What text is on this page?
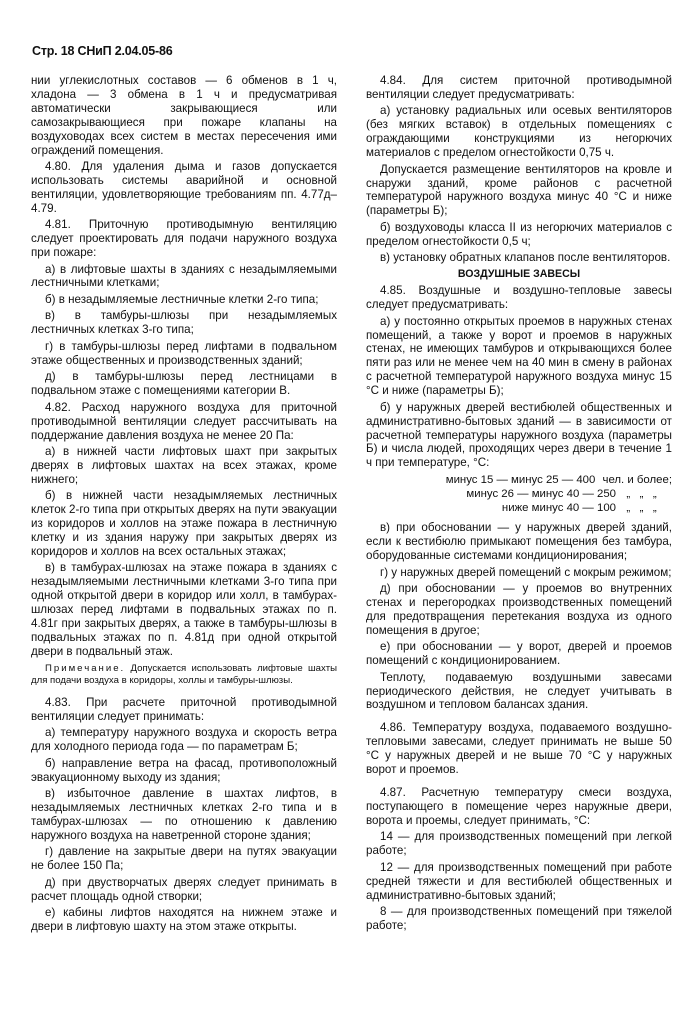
Стр. 18 СНиП 2.04.05-86

нии углекислотных составов — 6 обменов в 1 ч, хладона — 3 обмена в 1 ч и предусматривая автоматически закрывающиеся или самозакрывающиеся при пожаре клапаны на воздуховодах всех систем в местах пересечения ими ограждений помещения.

4.80. Для удаления дыма и газов допускается использовать системы аварийной и основной вентиляции, удовлетворяющие требованиям пп. 4.77д–4.79.

4.81. Приточную противодымную вентиляцию следует проектировать для подачи наружного воздуха при пожаре:

а) в лифтовые шахты в зданиях с незадымляемыми лестничными клетками;

б) в незадымляемые лестничные клетки 2-го типа;

в) в тамбуры-шлюзы при незадымляемых лестничных клетках 3-го типа;

г) в тамбуры-шлюзы перед лифтами в подвальном этаже общественных и производственных зданий;

д) в тамбуры-шлюзы перед лестницами в подвальном этаже с помещениями категории В.

4.82. Расход наружного воздуха для приточной противодымной вентиляции следует рассчитывать на поддержание давления воздуха не менее 20 Па:

а) в нижней части лифтовых шахт при закрытых дверях в лифтовых шахтах на всех этажах, кроме нижнего;

б) в нижней части незадымляемых лестничных клеток 2-го типа при открытых дверях на пути эвакуации из коридоров и холлов на этаже пожара в лестничную клетку и из здания наружу при закрытых дверях из коридоров и холлов на всех остальных этажах;

в) в тамбурах-шлюзах на этаже пожара в зданиях с незадымляемыми лестничными клетками 3-го типа при одной открытой двери в коридор или холл, в тамбурах-шлюзах перед лифтами в подвальных этажах по п. 4.81г при закрытых дверях, а также в тамбуры-шлюзы в подвальных этажах по п. 4.81д при одной открытой двери в подвальный этаж.

Примечание. Допускается использовать лифтовые шахты для подачи воздуха в коридоры, холлы и тамбуры-шлюзы.

4.83. При расчете приточной противодымной вентиляции следует принимать:

а) температуру наружного воздуха и скорость ветра для холодного периода года — по параметрам Б;

б) направление ветра на фасад, противоположный эвакуационному выходу из здания;

в) избыточное давление в шахтах лифтов, в незадымляемых лестничных клетках 2-го типа и в тамбурах-шлюзах — по отношению к давлению наружного воздуха на наветренной стороне здания;

г) давление на закрытые двери на путях эвакуации не более 150 Па;

д) при двустворчатых дверях следует принимать в расчет площадь одной створки;

е) кабины лифтов находятся на нижнем этаже и двери в лифтовую шахту на этом этаже открыты.

4.84. Для систем приточной противодымной вентиляции следует предусматривать:

а) установку радиальных или осевых вентиляторов (без мягких вставок) в отдельных помещениях с ограждающими конструкциями из негорючих материалов с пределом огнестойкости 0,75 ч.

Допускается размещение вентиляторов на кровле и снаружи зданий, кроме районов с расчетной температурой наружного воздуха минус 40 °С и ниже (параметры Б);

б) воздуховоды класса II из негорючих материалов с пределом огнестойкости 0,5 ч;

в) установку обратных клапанов после вентиляторов.

ВОЗДУШНЫЕ ЗАВЕСЫ

4.85. Воздушные и воздушно-тепловые завесы следует предусматривать:

а) у постоянно открытых проемов в наружных стенах помещений, а также у ворот и проемов в наружных стенах, не имеющих тамбуров и открывающихся более пяти раз или не менее чем на 40 мин в смену в районах с расчетной температурой наружного воздуха минус 15 °С и ниже (параметры Б);

б) у наружных дверей вестибюлей общественных и административно-бытовых зданий — в зависимости от расчетной температуры наружного воздуха (параметры Б) и числа людей, проходящих через двери в течение 1 ч при температуре, °С:

минус 15 — минус 25 — 400 чел. и более;
минус 26 — минус 40 — 250 „   „   „
ниже минус 40 — 100 „   „   „

в) при обосновании — у наружных дверей зданий, если к вестибюлю примыкают помещения без тамбура, оборудованные системами кондиционирования;

г) у наружных дверей помещений с мокрым режимом;

д) при обосновании — у проемов во внутренних стенах и перегородках производственных помещений для предотвращения перетекания воздуха из одного помещения в другое;

е) при обосновании — у ворот, дверей и проемов помещений с кондиционированием.

Теплоту, подаваемую воздушными завесами периодического действия, не следует учитывать в воздушном и тепловом балансах здания.

4.86. Температуру воздуха, подаваемого воздушно-тепловыми завесами, следует принимать не выше 50 °С у наружных дверей и не выше 70 °С у наружных ворот и проемов.

4.87. Расчетную температуру смеси воздуха, поступающего в помещение через наружные двери, ворота и проемы, следует принимать, °С:

14 — для производственных помещений при легкой работе;

12 — для производственных помещений при работе средней тяжести и для вестибюлей общественных и административно-бытовых зданий;

8 — для производственных помещений при тяжелой работе;
